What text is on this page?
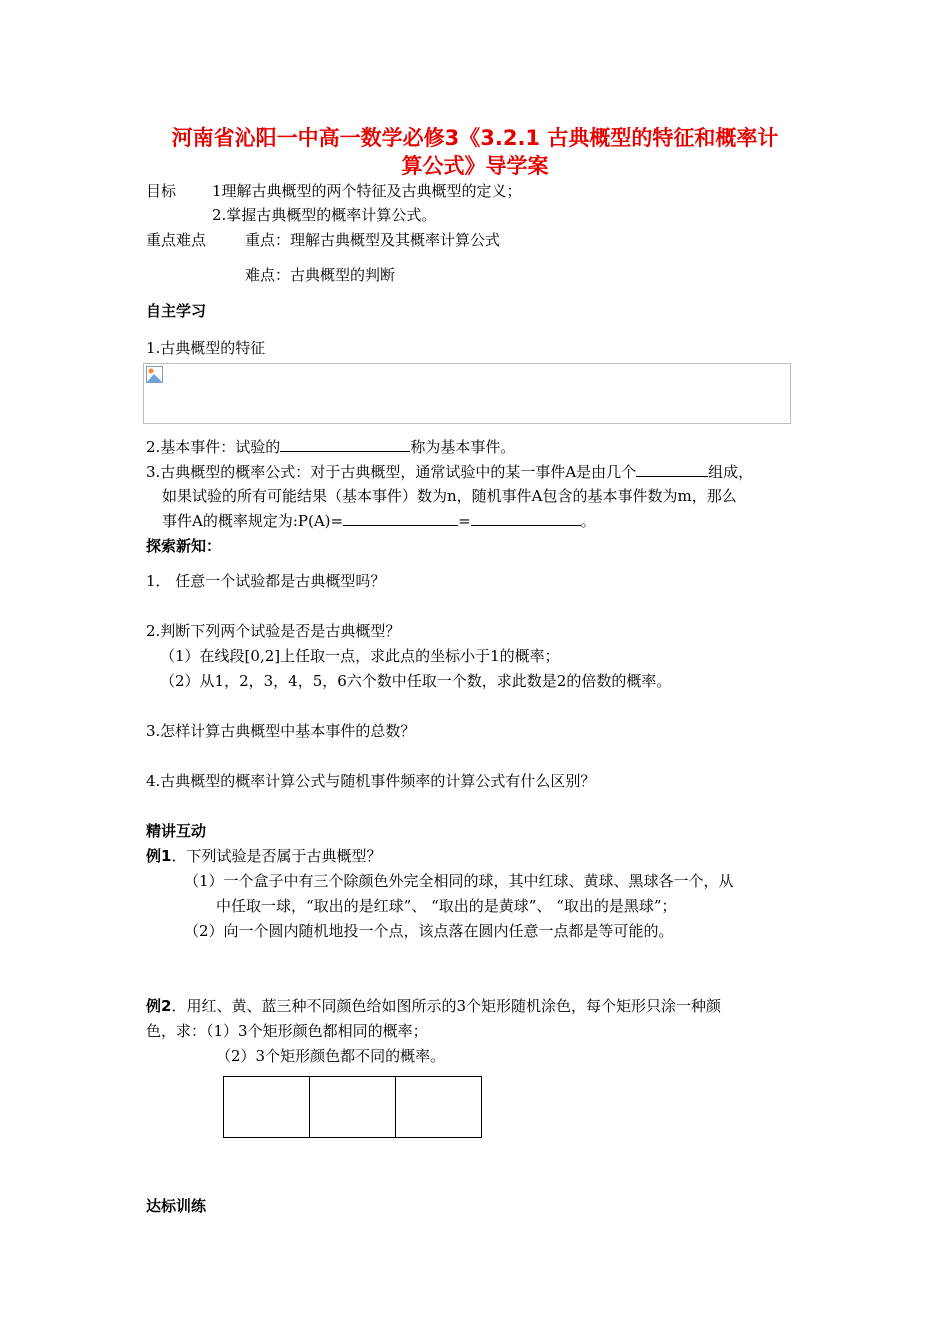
河南省沁阳一中高一数学必修3《3.2.1 古典概型的特征和概率计
算公式》导学案
目标 1理解古典概型的两个特征及古典概型的定义；
2.掌握古典概型的概率计算公式。
重点难点	重点：理解古典概型及其概率计算公式
难点：古典概型的判断
自主学习
1.古典概型的特征
2.基本事件：试验的	称为基本事件。
3.古典概型的概率公式：对于古典概型，通常试验中的某一事件A是由几个	组成，
如果试验的所有可能结果（基本事件）数为n，随机事件A包含的基本事件数为m，那么
事件A的概率规定为:P(A)=	=	。
探索新知：
1． 任意一个试验都是古典概型吗？
2.判断下列两个试验是否是古典概型？
（1）在线段[0,2]上任取一点，求此点的坐标小于1的概率；
（2）从1，2，3，4，5，6六个数中任取一个数，求此数是2的倍数的概率。
3.怎样计算古典概型中基本事件的总数？
4.古典概型的概率计算公式与随机事件频率的计算公式有什么区别？
精讲互动
例1．下列试验是否属于古典概型？
（1）一个盒子中有三个除颜色外完全相同的球，其中红球、黄球、黑球各一个，从
中任取一球，“取出的是红球”、 “取出的是黄球”、 “取出的是黑球”；
（2）向一个圆内随机地投一个点，该点落在圆内任意一点都是等可能的。
例2．用红、黄、蓝三种不同颜色给如图所示的3个矩形随机涂色，每个矩形只涂一种颜
色，求：（1）3个矩形颜色都相同的概率；
（2）3个矩形颜色都不同的概率。
达标训练
